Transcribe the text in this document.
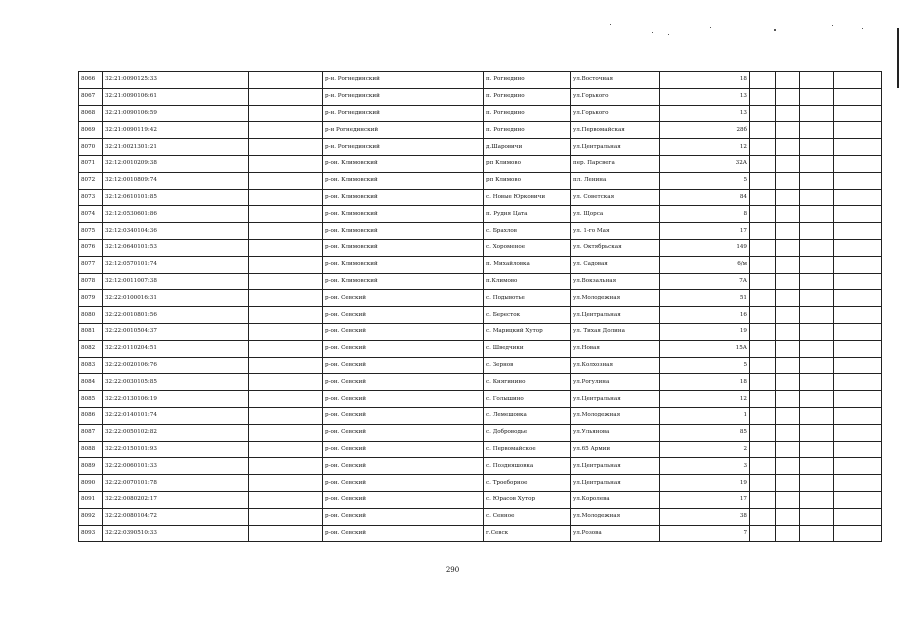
8066	32:21:0090125:33		р-н. Рогнединский	п. Рогнедино	ул.Восточная	18				
8067	32:21:0090106:61		р-н. Рогнединский	п. Рогнедино	ул.Горького	13				
8068	32:21:0090106:59		р-н. Рогнединский	п. Рогнедино	ул.Горького	13				
8069	32:21:0090119:42		р-н Рогнединский	п. Рогнедино	ул.Первомайская	28б				
8070	32:21:0021301:21		р-н. Рогнединский	д.Шаровичи	ул.Центральная	12				
8071	32:12:0010209:38		р-он. Климовский	рп Климово	пер. Парсвега	32А				
8072	32:12:0010809:74		р-он. Климовский	рп Климово	пл. Ленина	5				
8073	32:12:0610101:85		р-он. Климовский	с. Новые Юрковичи	ул. Советская	84				
8074	32:12:0530601:86		р-он. Климовский	п. Рудня Цата	ул. Щорса	8				
8075	32:12:0340104:36		р-он. Климовский	с. Брахлов	ул. 1-го Мая	17				
8076	32:12:0640101:53		р-он. Климовский	с. Хороменое	ул. Октябрьская	149				
8077	32:12:0570101:74		р-он. Климовский	п. Михайловка	ул. Садовая	6/м				
8078	32:12:0011007:38		р-он. Климовский	п.Климово	ул.Вокзальная	7А				
8079	32:22:0100016:31		р-он. Севский	с. Подывотье	ул.Молодежная	51				
8080	32:22:0010801:56		р-он. Севский	с. Бересток	ул.Центральная	16				
8081	32:22:0010504:37		р-он. Севский	с. Марицкий Хутор	ул. Тихая Долина	19				
8082	32:22:0110204:51		р-он. Севский	с. Шведчики	ул.Новая	15А				
8083	32:22:0020106:76		р-он. Севский	с. Зернов	ул.Колхозная	5				
8084	32:22:0030105:85		р-он. Севский	с. Княгинино	ул.Рогулина	18				
8085	32:22:0130106:19		р-он. Севский	с. Голышино	ул.Центральная	12				
8086	32:22:0140101:74		р-он. Севский	с. Лемешовка	ул.Молодежная	1				
8087	32:22:0050102:82		р-он. Севский	с. Доброводье	ул.Ульянова	85				
8088	32:22:0150101:93		р-он. Севский	с. Первомайское	ул.65 Армии	2				
8089	32:22:0060101:33		р-он. Севский	с. Поздняшовка	ул.Центральная	3				
8090	32:22:0070101:78		р-он. Севский	с. Троеборное	ул.Центральная	19				
8091	32:22:0080202:17		р-он. Севский	с. Юрасов Хутор	ул.Королева	17				
8092	32:22:0080104:72		р-он. Севский	с. Сенное	ул.Молодежная	38				
8093	32:22:0390510:33		р-он. Севский	г.Севск	ул.Розова	7				
290
